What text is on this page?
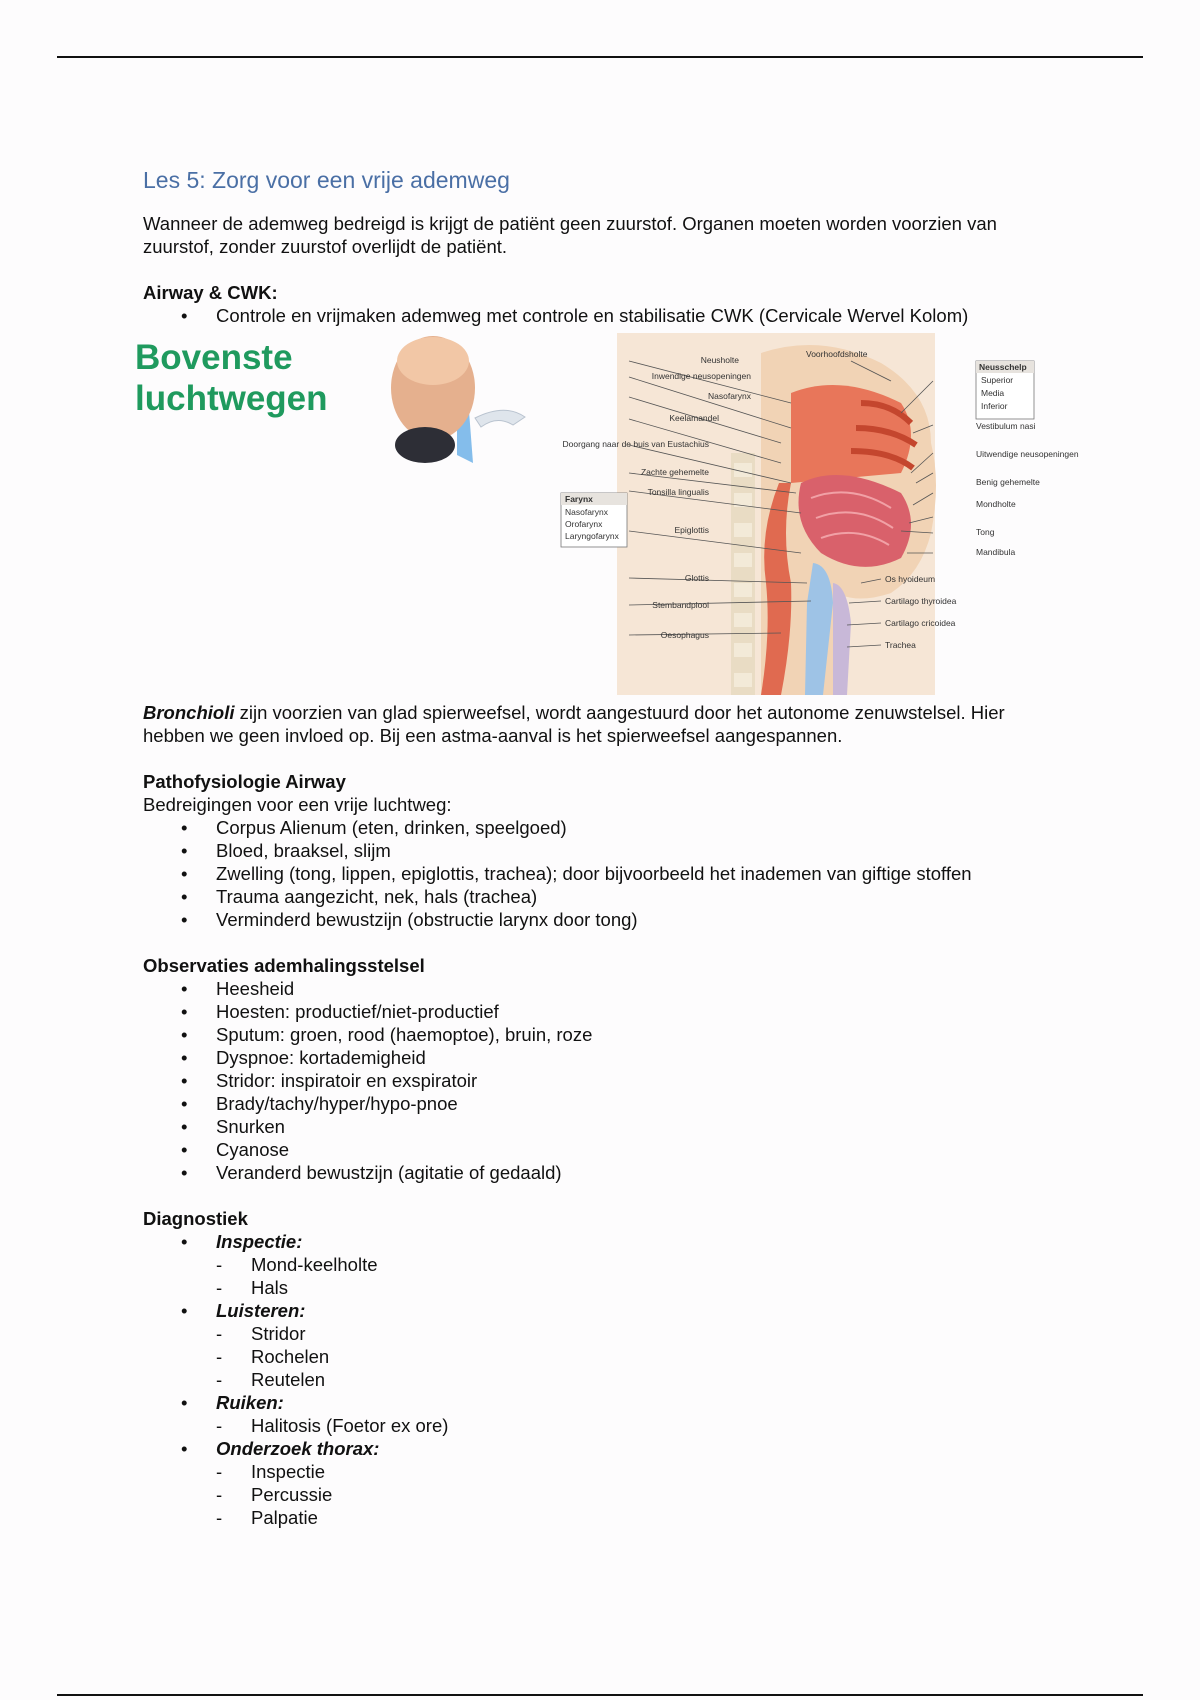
Les 5: Zorg voor een vrije ademweg

Wanneer de ademweg bedreigd is krijgt de patiënt geen zuurstof. Organen moeten worden voorzien van zuurstof, zonder zuurstof overlijdt de patiënt.

Airway & CWK:
• Controle en vrijmaken ademweg met controle en stabilisatie CWK (Cervicale Wervel Kolom)
Bovenste
luchtwegen
Neusholte
Voorhoofdsholte
Inwendige neusopeningen
Nasofarynx
Keelamandel
Doorgang naar de buis van Eustachius
Zachte gehemelte
Tonsilla lingualis
Epiglottis
Glottis
Stembandplooi
Oesophagus
Farynx
Nasofarynx
Orofarynx
Laryngofarynx
Neusschelp
Superior
Media
Inferior
Vestibulum nasi
Uitwendige neusopeningen
Benig gehemelte
Mondholte
Tong
Mandibula
Os hyoideum
Cartilago thyroidea
Cartilago cricoidea
Trachea

Bronchioli zijn voorzien van glad spierweefsel, wordt aangestuurd door het autonome zenuwstelsel. Hier hebben we geen invloed op. Bij een astma-aanval is het spierweefsel aangespannen.

Pathofysiologie Airway
Bedreigingen voor een vrije luchtweg:
• Corpus Alienum (eten, drinken, speelgoed)
• Bloed, braaksel, slijm
• Zwelling (tong, lippen, epiglottis, trachea); door bijvoorbeeld het inademen van giftige stoffen
• Trauma aangezicht, nek, hals (trachea)
• Verminderd bewustzijn (obstructie larynx door tong)
Observaties ademhalingsstelsel
• Heesheid
• Hoesten: productief/niet-productief
• Sputum: groen, rood (haemoptoe), bruin, roze
• Dyspnoe: kortademigheid
• Stridor: inspiratoir en exspiratoir
• Brady/tachy/hyper/hypo-pnoe
• Snurken
• Cyanose
• Veranderd bewustzijn (agitatie of gedaald)
Diagnostiek
• Inspectie:
- Mond-keelholte
- Hals
• Luisteren:
- Stridor
- Rochelen
- Reutelen
• Ruiken:
- Halitosis (Foetor ex ore)
• Onderzoek thorax:
- Inspectie
- Percussie
- Palpatie
